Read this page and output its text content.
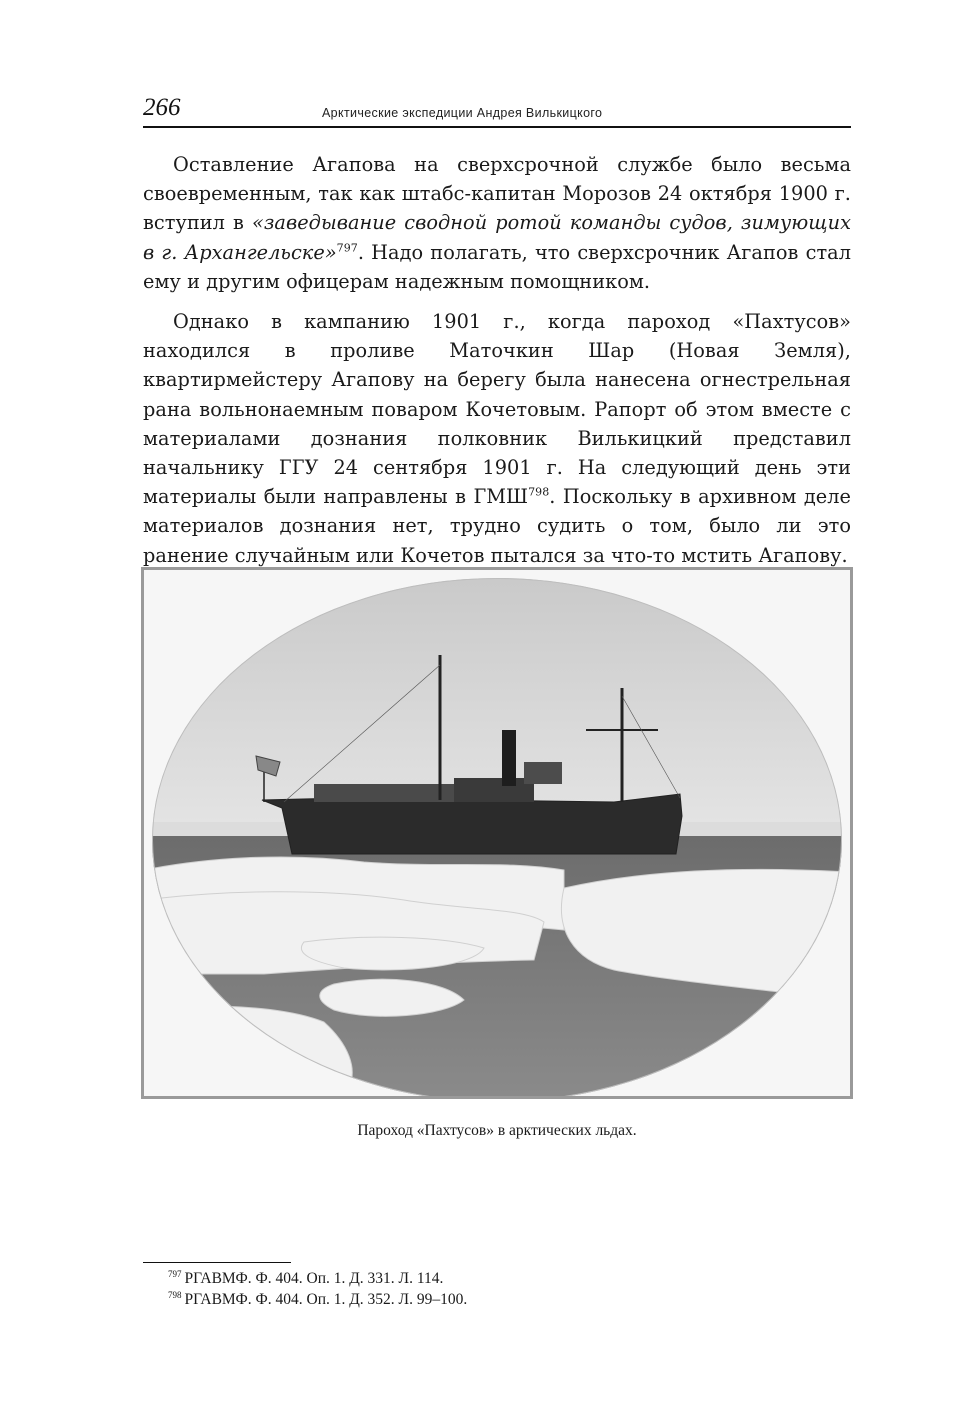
266	Арктические экспедиции Андрея Вилькицкого

Оставление Агапова на сверхсрочной службе было весьма своевременным, так как штабс-капитан Морозов 24 октября 1900 г. вступил в «заведывание сводной ротой команды судов, зимующих в г. Архангельске»$^{797}$. Надо полагать, что сверхсрочник Агапов стал ему и другим офицерам надежным помощником.

Однако в кампанию 1901 г., когда пароход «Пахтусов» находился в проливе Маточкин Шар (Новая Земля), квартирмейстеру Агапову на берегу была нанесена огнестрельная рана вольнонаемным поваром Кочетовым. Рапорт об этом вместе с материалами дознания полковник Вилькицкий представил начальнику ГГУ 24 сентября 1901 г. На следующий день эти материалы были направлены в ГМШ$^{798}$. Поскольку в архивном деле материалов дознания нет, трудно судить о том, было ли это ранение случайным или Кочетов пытался за что-то мстить Агапову.

Пароход «Пахтусов» в арктических льдах.
$^{797}$ РГАВМФ. Ф. 404. Оп. 1. Д. 331. Л. 114.
$^{798}$ РГАВМФ. Ф. 404. Оп. 1. Д. 352. Л. 99–100.
